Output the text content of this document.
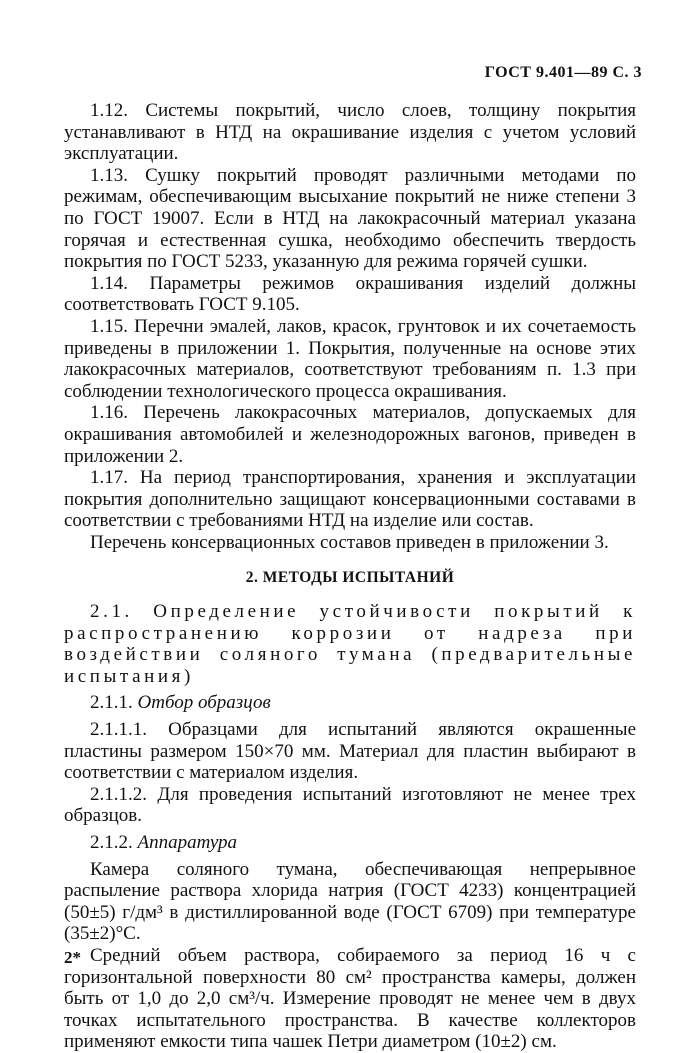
ГОСТ 9.401—89 С. 3

1.12. Системы покрытий, число слоев, толщину покрытия устанавливают в НТД на окрашивание изделия с учетом условий эксплуатации.

1.13. Сушку покрытий проводят различными методами по режимам, обеспечивающим высыхание покрытий не ниже степени 3 по ГОСТ 19007. Если в НТД на лакокрасочный материал указана горячая и естественная сушка, необходимо обеспечить твердость покрытия по ГОСТ 5233, указанную для режима горячей сушки.

1.14. Параметры режимов окрашивания изделий должны соответствовать ГОСТ 9.105.

1.15. Перечни эмалей, лаков, красок, грунтовок и их сочетаемость приведены в приложении 1. Покрытия, полученные на основе этих лакокрасочных материалов, соответствуют требованиям п. 1.3 при соблюдении технологического процесса окрашивания.

1.16. Перечень лакокрасочных материалов, допускаемых для окрашивания автомобилей и железнодорожных вагонов, приведен в приложении 2.

1.17. На период транспортирования, хранения и эксплуатации покрытия дополнительно защищают консервационными составами в соответствии с требованиями НТД на изделие или состав.

Перечень консервационных составов приведен в приложении 3.

2. МЕТОДЫ ИСПЫТАНИЙ

2.1. Определение устойчивости покрытий к распространению коррозии от надреза при воздействии соляного тумана (предварительные испытания)

2.1.1. Отбор образцов

2.1.1.1. Образцами для испытаний являются окрашенные пластины размером 150×70 мм. Материал для пластин выбирают в соответствии с материалом изделия.

2.1.1.2. Для проведения испытаний изготовляют не менее трех образцов.

2.1.2. Аппаратура

Камера соляного тумана, обеспечивающая непрерывное распыление раствора хлорида натрия (ГОСТ 4233) концентрацией (50±5) г/дм³ в дистиллированной воде (ГОСТ 6709) при температуре (35±2)°С.

Средний объем раствора, собираемого за период 16 ч с горизонтальной поверхности 80 см² пространства камеры, должен быть от 1,0 до 2,0 см³/ч. Измерение проводят не менее чем в двух точках испытательного пространства. В качестве коллекторов применяют емкости типа чашек Петри диаметром (10±2) см.

2*
